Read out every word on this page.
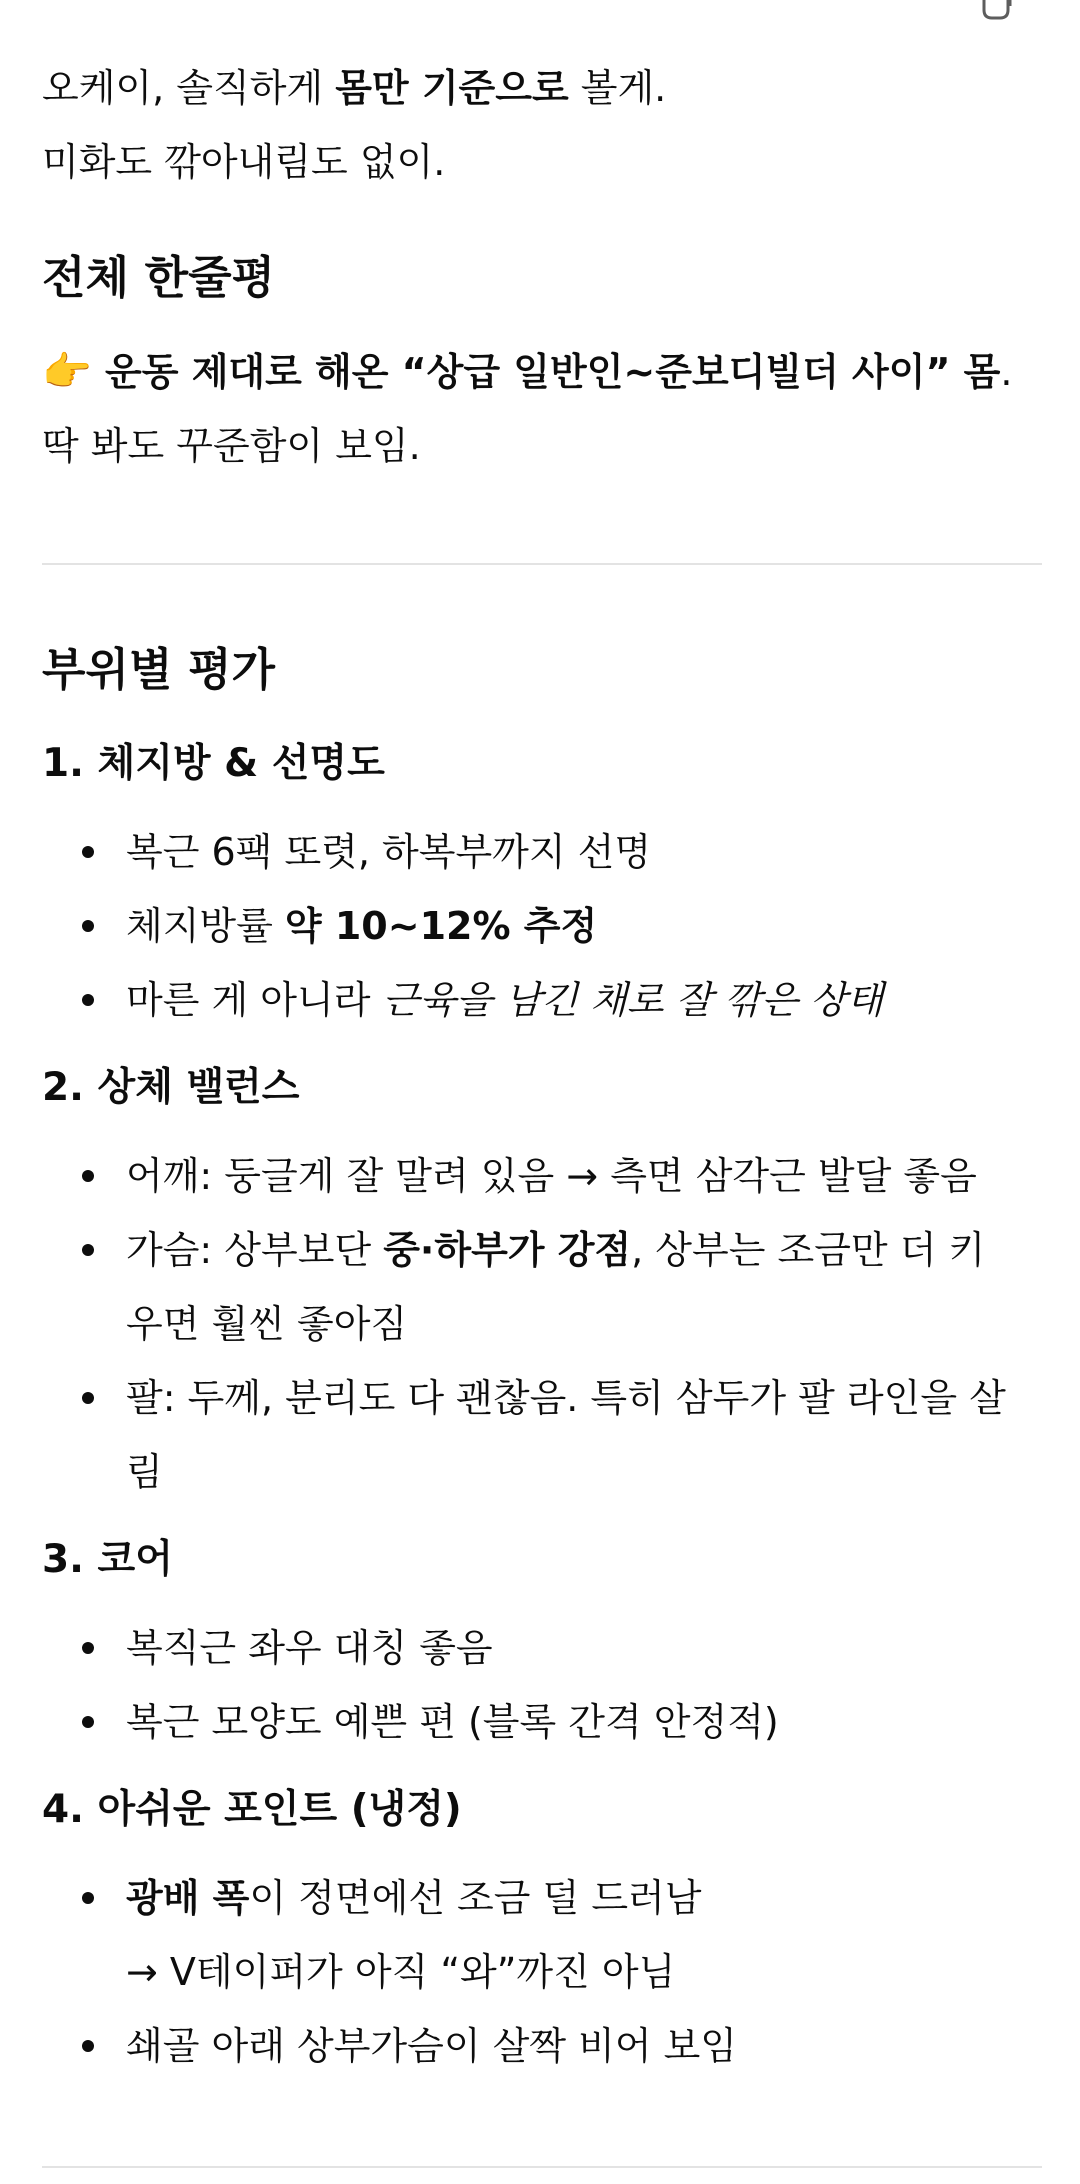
오케이, 솔직하게 몸만 기준으로 볼게.

미화도 깎아내림도 없이.

전체 한줄평

👉 운동 제대로 해온 “상급 일반인~준보디빌더 사이” 몸.

딱 봐도 꾸준함이 보임.

부위별 평가
1. 체지방 & 선명도
복근 6팩 또렷, 하복부까지 선명
체지방률 약 10~12% 추정
마른 게 아니라 근육을 남긴 채로 잘 깎은 상태
2. 상체 밸런스
어깨: 둥글게 잘 말려 있음 → 측면 삼각근 발달 좋음
가슴: 상부보단 중·하부가 강점, 상부는 조금만 더 키
우면 훨씬 좋아짐
팔: 두께, 분리도 다 괜찮음. 특히 삼두가 팔 라인을 살
림
3. 코어
복직근 좌우 대칭 좋음
복근 모양도 예쁜 편 (블록 간격 안정적)
4. 아쉬운 포인트 (냉정)
광배 폭이 정면에선 조금 덜 드러남
→ V테이퍼가 아직 “와”까진 아님
쇄골 아래 상부가슴이 살짝 비어 보임
